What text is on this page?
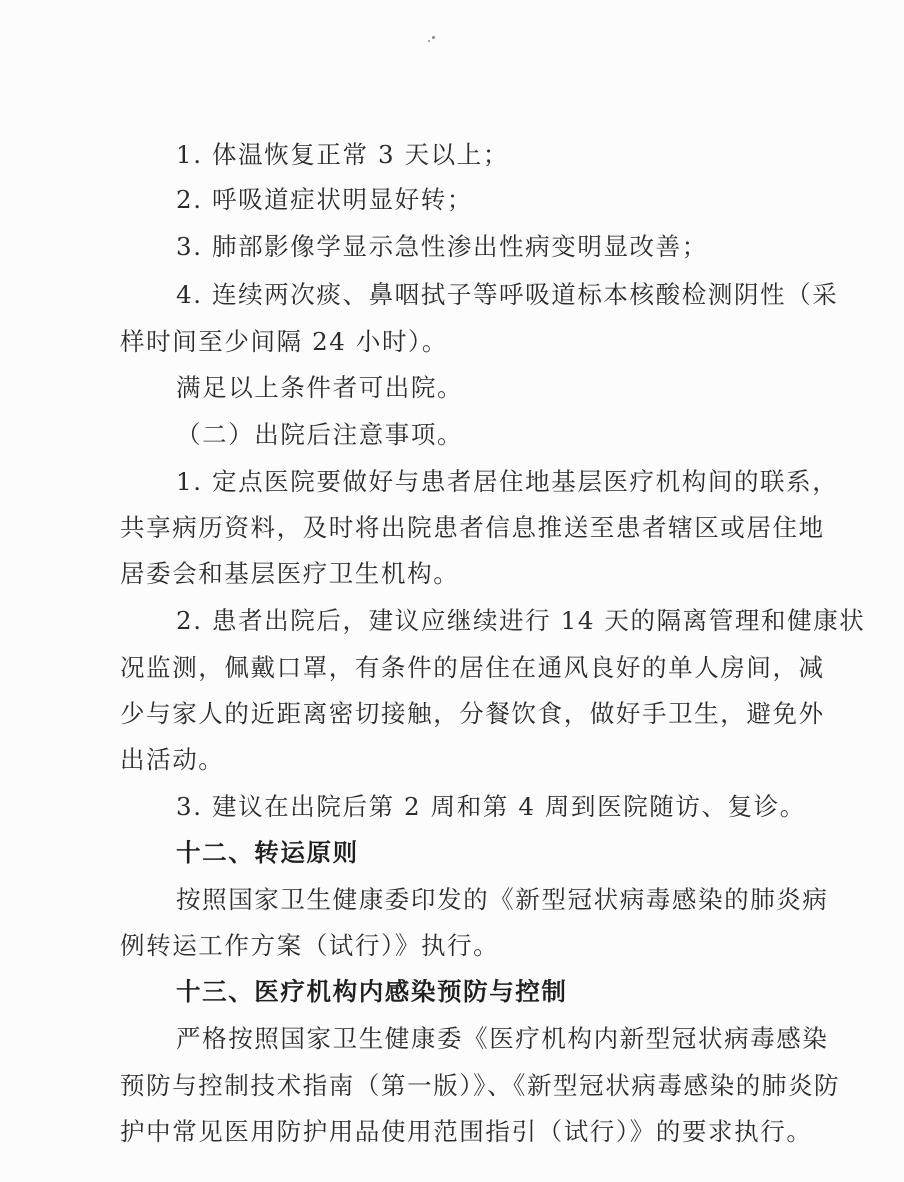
1. 体温恢复正常 3 天以上；
2. 呼吸道症状明显好转；
3. 肺部影像学显示急性渗出性病变明显改善；
4. 连续两次痰、鼻咽拭子等呼吸道标本核酸检测阴性（采
样时间至少间隔 24 小时）。
满足以上条件者可出院。
（二）出院后注意事项。
1. 定点医院要做好与患者居住地基层医疗机构间的联系，
共享病历资料，及时将出院患者信息推送至患者辖区或居住地
居委会和基层医疗卫生机构。
2. 患者出院后，建议应继续进行 14 天的隔离管理和健康状
况监测，佩戴口罩，有条件的居住在通风良好的单人房间，减
少与家人的近距离密切接触，分餐饮食，做好手卫生，避免外
出活动。
3. 建议在出院后第 2 周和第 4 周到医院随访、复诊。
十二、转运原则
按照国家卫生健康委印发的《新型冠状病毒感染的肺炎病
例转运工作方案（试行）》执行。
十三、医疗机构内感染预防与控制
严格按照国家卫生健康委《医疗机构内新型冠状病毒感染
预防与控制技术指南（第一版）》、《新型冠状病毒感染的肺炎防
护中常见医用防护用品使用范围指引（试行）》的要求执行。
